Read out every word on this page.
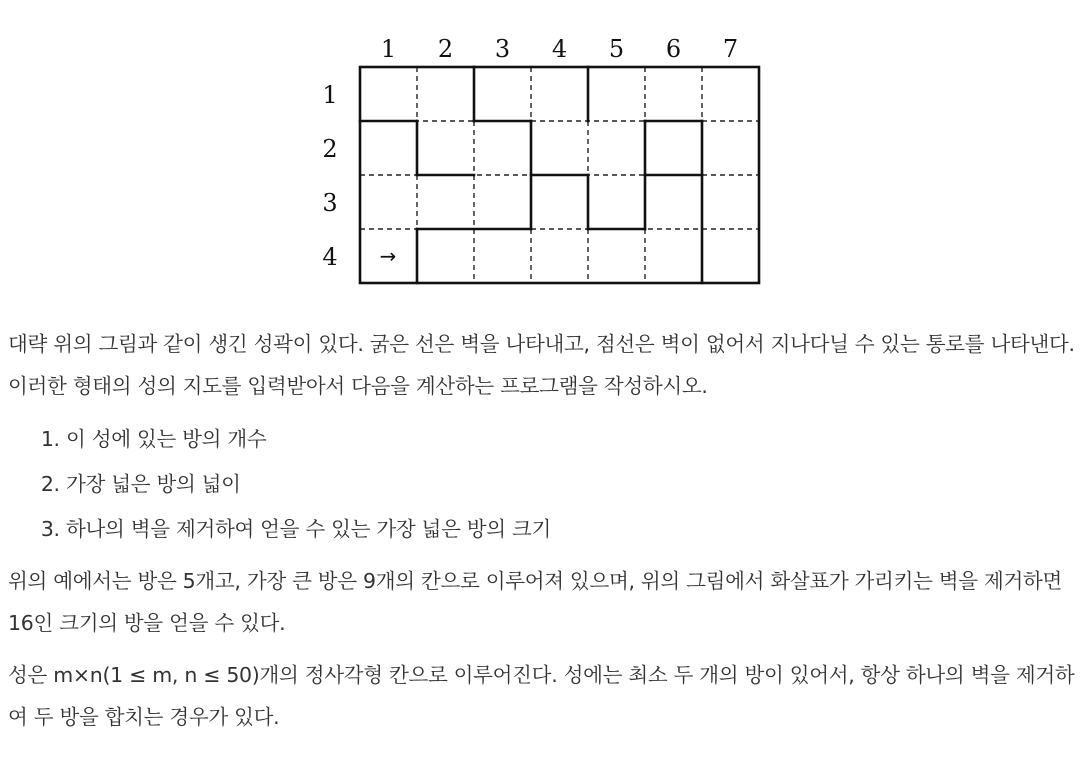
1 2 3 4 5 6 7
1
2
3
4 →

대략 위의 그림과 같이 생긴 성곽이 있다. 굵은 선은 벽을 나타내고, 점선은 벽이 없어서 지나다닐 수 있는 통로를 나타낸다. 이러한 형태의 성의 지도를 입력받아서 다음을 계산하는 프로그램을 작성하시오.

1. 이 성에 있는 방의 개수
2. 가장 넓은 방의 넓이
3. 하나의 벽을 제거하여 얻을 수 있는 가장 넓은 방의 크기

위의 예에서는 방은 5개고, 가장 큰 방은 9개의 칸으로 이루어져 있으며, 위의 그림에서 화살표가 가리키는 벽을 제거하면 16인 크기의 방을 얻을 수 있다.

성은 m×n(1 ≤ m, n ≤ 50)개의 정사각형 칸으로 이루어진다. 성에는 최소 두 개의 방이 있어서, 항상 하나의 벽을 제거하여 두 방을 합치는 경우가 있다.
